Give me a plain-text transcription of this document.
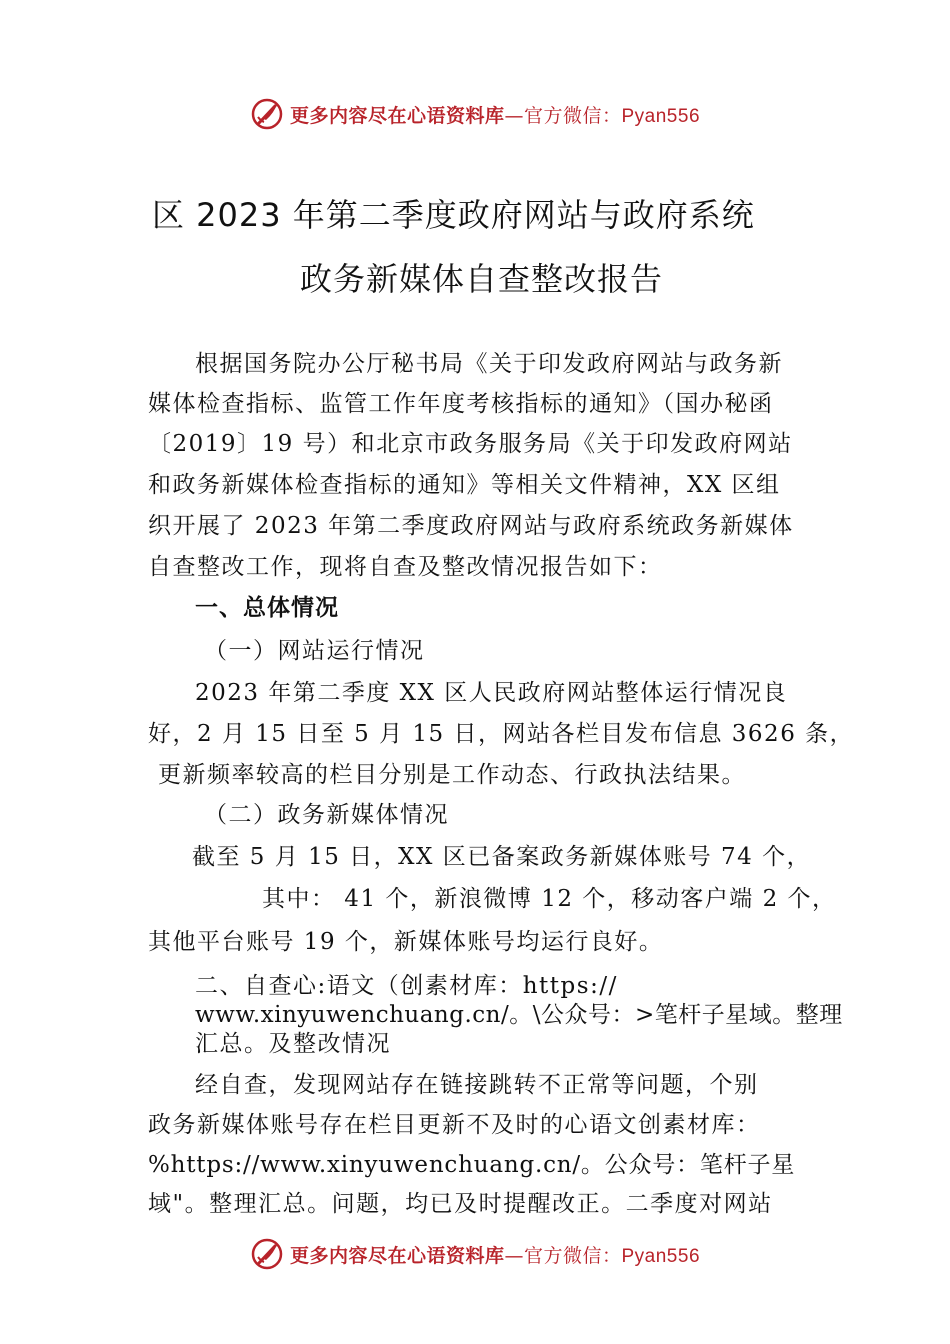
更多内容尽在心语资料库—官方微信：Pyan556
区 2023 年第二季度政府网站与政府系统
政务新媒体自查整改报告
根据国务院办公厅秘书局《关于印发政府网站与政务新
媒体检查指标、监管工作年度考核指标的通知》（国办秘函
〔2019〕19 号）和北京市政务服务局《关于印发政府网站
和政务新媒体检查指标的通知》等相关文件精神，XX 区组
织开展了 2023 年第二季度政府网站与政府系统政务新媒体
自查整改工作，现将自查及整改情况报告如下：
一、总体情况
（一）网站运行情况
2023 年第二季度 XX 区人民政府网站整体运行情况良
好，2 月 15 日至 5 月 15 日，网站各栏目发布信息 3626 条，
更新频率较高的栏目分别是工作动态、行政执法结果。
（二）政务新媒体情况
截至 5 月 15 日，XX 区已备案政务新媒体账号 74 个，
其中： 41 个，新浪微博 12 个，移动客户端 2 个，
其他平台账号 19 个，新媒体账号均运行良好。
二、自查心:语文（创素材库：https://
www.xinyuwenchuang.cn/。\公众号：>笔杆子星域。整理
汇总。及整改情况
经自查，发现网站存在链接跳转不正常等问题，个别
政务新媒体账号存在栏目更新不及时的心语文创素材库：
%https://www.xinyuwenchuang.cn/。公众号：笔杆子星
域"。整理汇总。问题，均已及时提醒改正。二季度对网站
更多内容尽在心语资料库—官方微信：Pyan556
